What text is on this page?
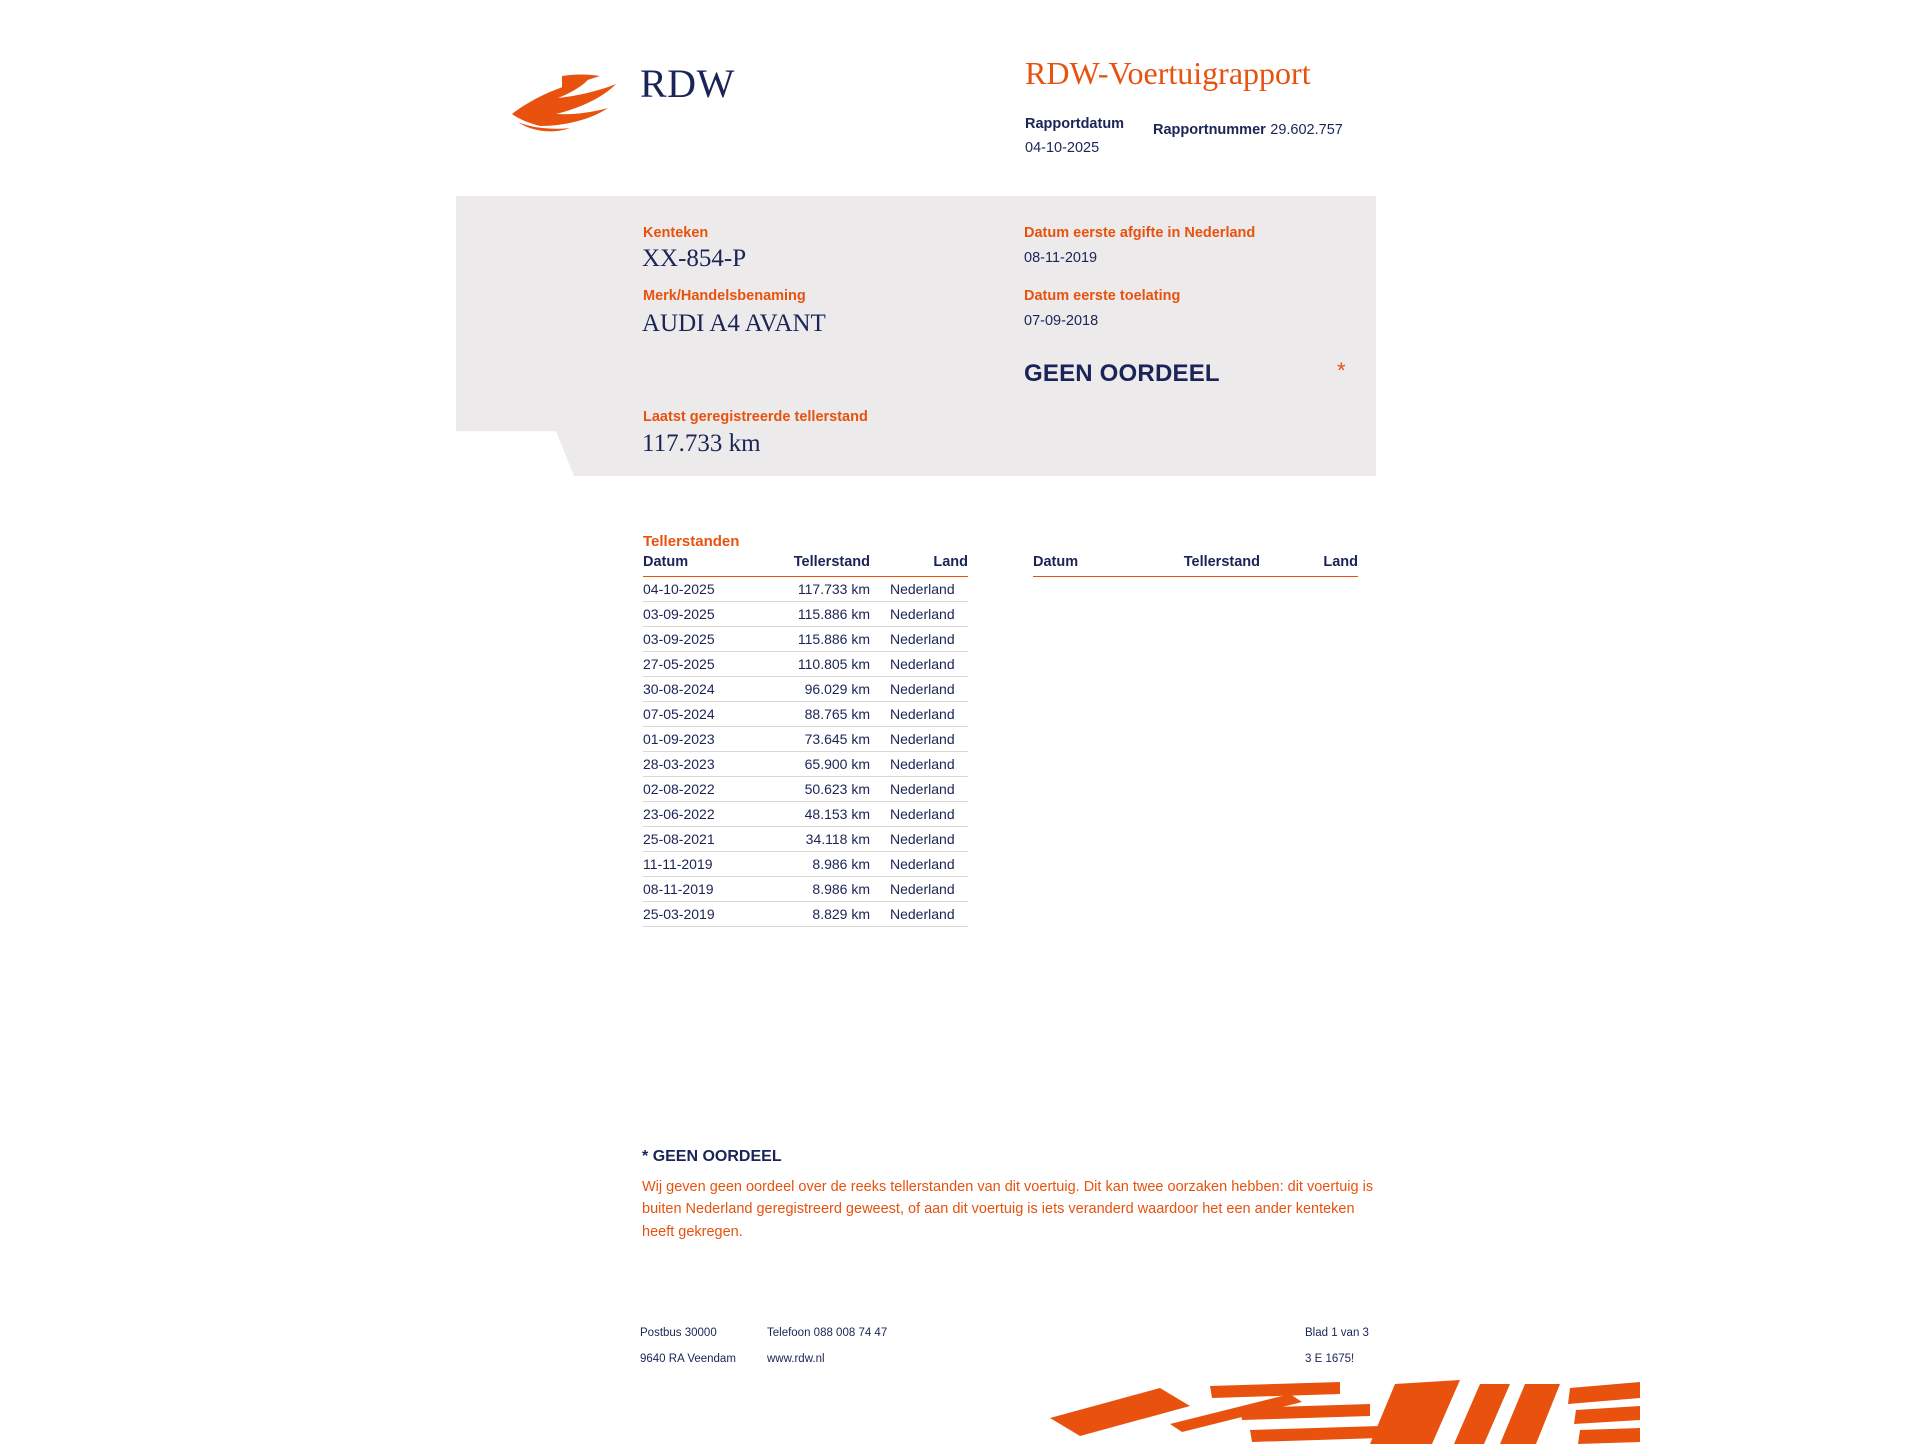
RDW	RDW-Voertuigrapport
Rapportdatum 04-10-2025
Rapportnummer 29.602.757
Kenteken
XX-854-P
Merk/Handelsbenaming
AUDI A4 AVANT
Laatst geregistreerde tellerstand
117.733 km
Datum eerste afgifte in Nederland
08-11-2019
Datum eerste toelating
07-09-2018
GEEN OORDEEL	*
Tellerstanden
Datum	Tellerstand	Land
04-10-2025	117.733 km	Nederland
03-09-2025	115.886 km	Nederland
03-09-2025	115.886 km	Nederland
27-05-2025	110.805 km	Nederland
30-08-2024	96.029 km	Nederland
07-05-2024	88.765 km	Nederland
01-09-2023	73.645 km	Nederland
28-03-2023	65.900 km	Nederland
02-08-2022	50.623 km	Nederland
23-06-2022	48.153 km	Nederland
25-08-2021	34.118 km	Nederland
11-11-2019	8.986 km	Nederland
08-11-2019	8.986 km	Nederland
25-03-2019	8.829 km	Nederland
Datum	Tellerstand	Land
* GEEN OORDEEL
Wij geven geen oordeel over de reeks tellerstanden van dit voertuig. Dit kan twee oorzaken hebben: dit voertuig is buiten Nederland geregistreerd geweest, of aan dit voertuig is iets veranderd waardoor het een ander kenteken heeft gekregen.
Postbus 30000
9640 RA Veendam
Telefoon 088 008 74 47
www.rdw.nl
Blad 1 van 3
3 E 1675!
